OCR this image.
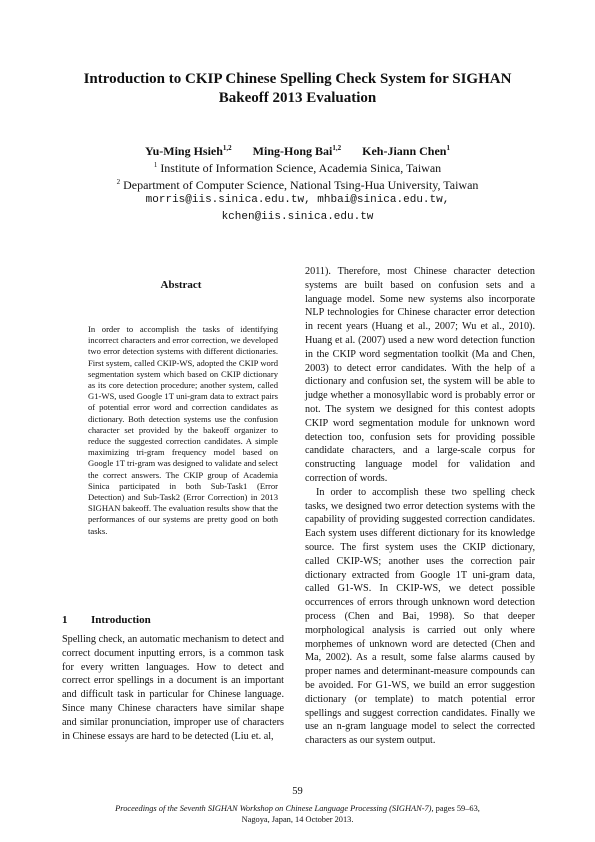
Introduction to CKIP Chinese Spelling Check System for SIGHAN
Bakeoff 2013 Evaluation
Yu-Ming Hsieh$^{1,2}$ Ming-Hong Bai$^{1,2}$ Keh-Jiann Chen$^1$
$^1$ Institute of Information Science, Academia Sinica, Taiwan
$^2$ Department of Computer Science, National Tsing-Hua University, Taiwan
morris@iis.sinica.edu.tw, mhbai@sinica.edu.tw,
kchen@iis.sinica.edu.tw
Abstract

In order to accomplish the tasks of identifying incorrect characters and error correction, we developed two error detection systems with different dictionaries. First system, called CKIP-WS, adopted the CKIP word segmentation system which based on CKIP dictionary as its core detection procedure; another system, called G1-WS, used Google 1T uni-gram data to extract pairs of potential error word and correction candidates as dictionary. Both detection systems use the confusion character set provided by the bakeoff organizer to reduce the suggested correction candidates. A simple maximizing tri-gram frequency model based on Google 1T tri-gram was designed to validate and select the correct answers. The CKIP group of Academia Sinica participated in both Sub-Task1 (Error Detection) and Sub-Task2 (Error Correction) in 2013 SIGHAN bakeoff. The evaluation results show that the performances of our systems are pretty good on both tasks.

1 Introduction

Spelling check, an automatic mechanism to detect and correct document inputting errors, is a common task for every written languages. How to detect and correct error spellings in a document is an important and difficult task in particular for Chinese language. Since many Chinese characters have similar shape and similar pronunciation, improper use of characters in Chinese essays are hard to be detected (Liu et. al,

2011). Therefore, most Chinese character detection systems are built based on confusion sets and a language model. Some new systems also incorporate NLP technologies for Chinese character error detection in recent years (Huang et al., 2007; Wu et al., 2010). Huang et al. (2007) used a new word detection function in the CKIP word segmentation toolkit (Ma and Chen, 2003) to detect error candidates. With the help of a dictionary and confusion set, the system will be able to judge whether a monosyllabic word is probably error or not. The system we designed for this contest adopts CKIP word segmentation module for unknown word detection too, confusion sets for providing possible candidate characters, and a large-scale corpus for constructing language model for validation and correction of words.

In order to accomplish these two spelling check tasks, we designed two error detection systems with the capability of providing suggested correction candidates. Each system uses different dictionary for its knowledge source. The first system uses the CKIP dictionary, called CKIP-WS; another uses the correction pair dictionary extracted from Google 1T uni-gram data, called G1-WS. In CKIP-WS, we detect possible occurrences of errors through unknown word detection process (Chen and Bai, 1998). So that deeper morphological analysis is carried out only where morphemes of unknown word are detected (Chen and Ma, 2002). As a result, some false alarms caused by proper names and determinant-measure compounds can be avoided. For G1-WS, we build an error suggestion dictionary (or template) to match potential error spellings and suggest correction candidates. Finally we use an n-gram language model to select the corrected characters as our system output.

59
Proceedings of the Seventh SIGHAN Workshop on Chinese Language Processing (SIGHAN-7), pages 59–63,
Nagoya, Japan, 14 October 2013.
